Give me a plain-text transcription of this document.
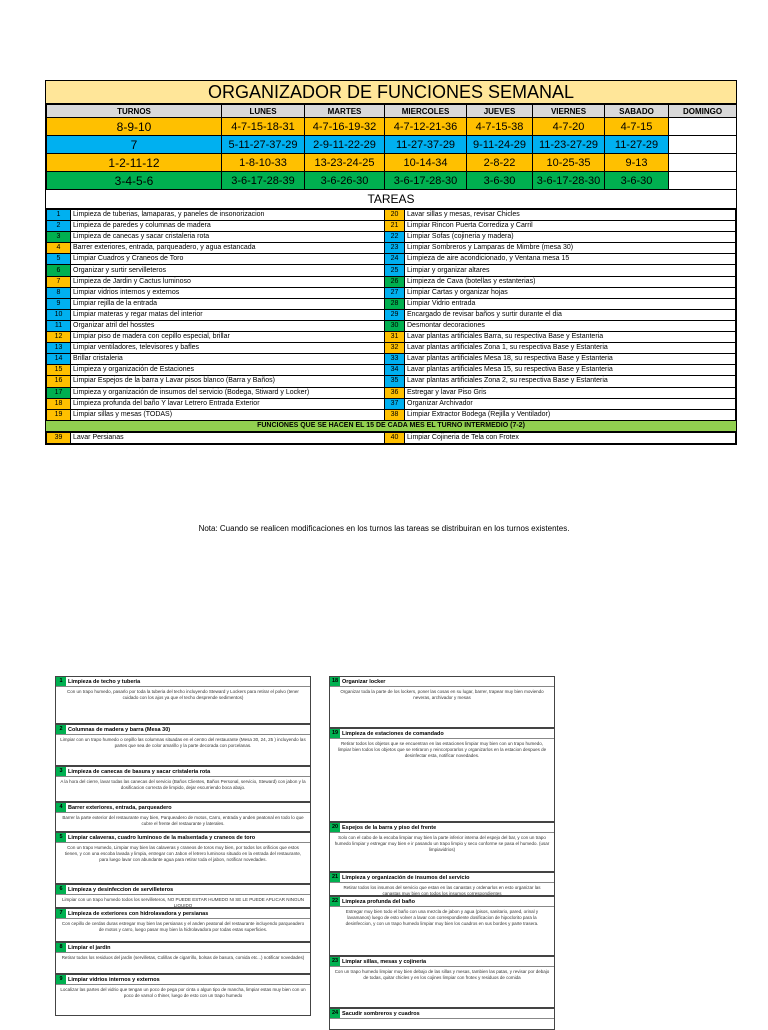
ORGANIZADOR DE FUNCIONES SEMANAL
TURNOS	LUNES	MARTES	MIERCOLES	JUEVES	VIERNES	SABADO	DOMINGO
8-9-10	4-7-15-18-31	4-7-16-19-32	4-7-12-21-36	4-7-15-38	4-7-20	4-7-15	
7	5-11-27-37-29	2-9-11-22-29	11-27-37-29	9-11-24-29	11-23-27-29	11-27-29	
1-2-11-12	1-8-10-33	13-23-24-25	10-14-34	2-8-22	10-25-35	9-13	
3-4-5-6	3-6-17-28-39	3-6-26-30	3-6-17-28-30	3-6-30	3-6-17-28-30	3-6-30	
TAREAS
1	Limpieza de tuberias, lamaparas, y paneles de insonorizacion	20	Lavar sillas y mesas, revisar Chicles
2	Limpieza de paredes y columnas de madera	21	Limpiar Rincon Puerta Corrediza y Carril
3	Limpieza de canecas y sacar cristaleria rota	22	Limpiar Sofas (cojineria y madera)
4	Barrer exteriores, entrada, parqueadero, y agua estancada	23	Limpiar Sombreros y Lamparas de Mimbre (mesa 30)
5	Limpiar Cuadros y Craneos de Toro	24	Limpieza de aire acondicionado, y Ventana mesa 15
6	Organizar y surtir servilleteros	25	Limpiar y organizar altares
7	Limpieza de Jardin y Cactus luminoso	26	Limpieza de Cava (botellas y estanterias)
8	Limpiar vidrios internos y externos	27	Limpiar Cartas y organizar hojas
9	Limpiar rejilla de la entrada	28	Limpiar Vidrio entrada
10	Limpiar materas y regar matas del interior	29	Encargado de revisar baños y surtir durante el dia
11	Organizar atril del hosstes	30	Desmontar decoraciones
12	Limpiar piso de madera con cepillo especial, brillar	31	Lavar plantas artificiales Barra, su respectiva Base y Estanteria
13	Limpiar ventiladores, televisores y bafles	32	Lavar plantas artificiales Zona 1, su respectiva Base y Estanteria
14	Brillar cristaleria	33	Lavar plantas artificiales Mesa 18, su respectiva Base y Estanteria
15	Limpieza y organización de Estaciones	34	Lavar plantas artificiales Mesa 15, su respectiva Base y Estanteria
16	Limpiar Espejos de la barra y Lavar pisos blanco (Barra y Baños)	35	Lavar plantas artificiales Zona 2, su respectiva Base y Estanteria
17	Limpieza y organización de insumos del servicio (Bodega, Stiward y Locker)	36	Estregar y lavar Piso Gris
18	Limpieza profunda del baño Y lavar Letrero Entrada Exterior	37	Organizar Archivador
19	Limpiar sillas y mesas (TODAS)	38	Limpiar Extractor Bodega (Rejilla y Ventilador)
FUNCIONES QUE SE HACEN EL 15 DE CADA MES EL TURNO INTERMEDIO (7-2)
39	Lavar Persianas	40	Limpiar Cojineria de Tela con Frotex
Nota: Cuando se realicen modificaciones en los turnos las tareas se distribuiran en los turnos existentes.
1 Limpieza de techo y tuberia
Con un trapo humedo, pasarlo por toda la tuberia del techo incluyendo Steward y Lockers para retirar el polvo (tener cuidado con los ajos ya que el techo desprende sedimentos)
2 Columnas de madera y barra (Mesa 30)
Limpiar con un trapo humedo o cepillo las columnas situadas en el centro del restaurante (Mesa 30, 24, 25 ) incluyendo las partes que sea de color amarillo y la parte decorada con porcelanas.
3 Limpieza de canecas de basura y sacar cristaleria rota
A la hora del cierre, lavar todas las canecas del servicio (Baños Clientes, Baños Personal, servicio, Steward) con jabon y la dosificacion correcta de limpido, dejar escurriendo boca abajo.
4 Barrer exteriores, entrada, parqueadero
Barrer la parte exterior del restaurante muy bien, Parqueadero de motos, Carro, entrada y anden peatonal en todo lo que cubre el frente del restaurante y laterales.
5 Limpiar calaveras, cuadro luminoso de la malsentada y craneos de toro
Con un trapo Humedo, Limpiar muy bien las calaveras y craneos de toros muy bien, por todos los orificios que estos tienen, y con una escoba lavada y limpia, entregar con Jabon el letrero luminoso situado en la entrada del restaurante, para luego lavar con abundante agua para retirar toda el jabon, notificar novedades.
6 Limpieza y desinfeccion de servilleteros
Limpiar con un trapo humedo todos los servilleteros, NO PUEDE ESTAR HUMEDO NI SE LE PUEDE APLICAR NINGUN LIQUIDO
7 Limpieza de exteriores con hidrolavadora y persianas
Con cepillo de cerdas duras estregar muy bien las persianas y el anden peatonal del restaurante incluyendo parqueadero de motos y carro, luego pasar muy bien la hidrolavadora por todas estas superficies.
8 Limpiar el jardin
Retirar todos los residuos del jardin (servilletas, Colillas de cigarrillo, bolsas de basura, comida etc...) notificar novedades)
9 Limpiar vidrios internos y externos
Localizar las partes del vidrio que tengan un poco de pega por cinta o algun tipo de mancha, limpiar estas muy bien con un poco de varsol o thiner, luego de esto con un trapo humedo
18 Organizar locker
Organizar toda la parte de los lockers, poner las cosas en su lugar, barrer, trapear muy bien moviendo neveras, archivador y mesas
19 Limpieza de estaciones de comandado
Retirar todos los objetos que se encuentran en las estaciones limpiar muy bien con un trapo humedo, limpiar bien todos los objetos que se retiraron y reincorporarlos y organizarlos en la estacion despues de desinfectar esta, notificar novedades.
20 Espejos de la barra y piso del frente
Solo con el cabo de la escoba limpiar muy bien la parte inferior interna del espejo del bar, y con un trapo humedo limpiar y estregar muy bien e ir pasando un trapo limpio y seco conforme se pasa el humedo. (usar limpiavidrios)
21 Limpieza y organización de insumos del servicio
Retirar todos los insumos del servicio que estan en las canastas y ordenarlos en esto organizar las canastas muy bien con todos los insumos correspondientes
22 Limpieza profunda del baño
Estregar muy bien todo el baño con una mezcla de jabon y agua (pisos, sanitario, pared, orinal y lavamanos) luego de esto volver a lavar con correspondiente dosificacion de hipoclorito para la desinfeccion, y con un trapo humedo limpiar muy bien los cuadros en sus bordes y parte trasera.
23 Limpiar sillas, mesas y cojineria
Con un trapo humedo limpiar muy bien debajo de las sillas y mesas, tambien las patas, y revisar por debajo de todas, quitar chicles y en los cojines limpiar con frotex y residuos de comida
24 Sacudir sombreros y cuadros
